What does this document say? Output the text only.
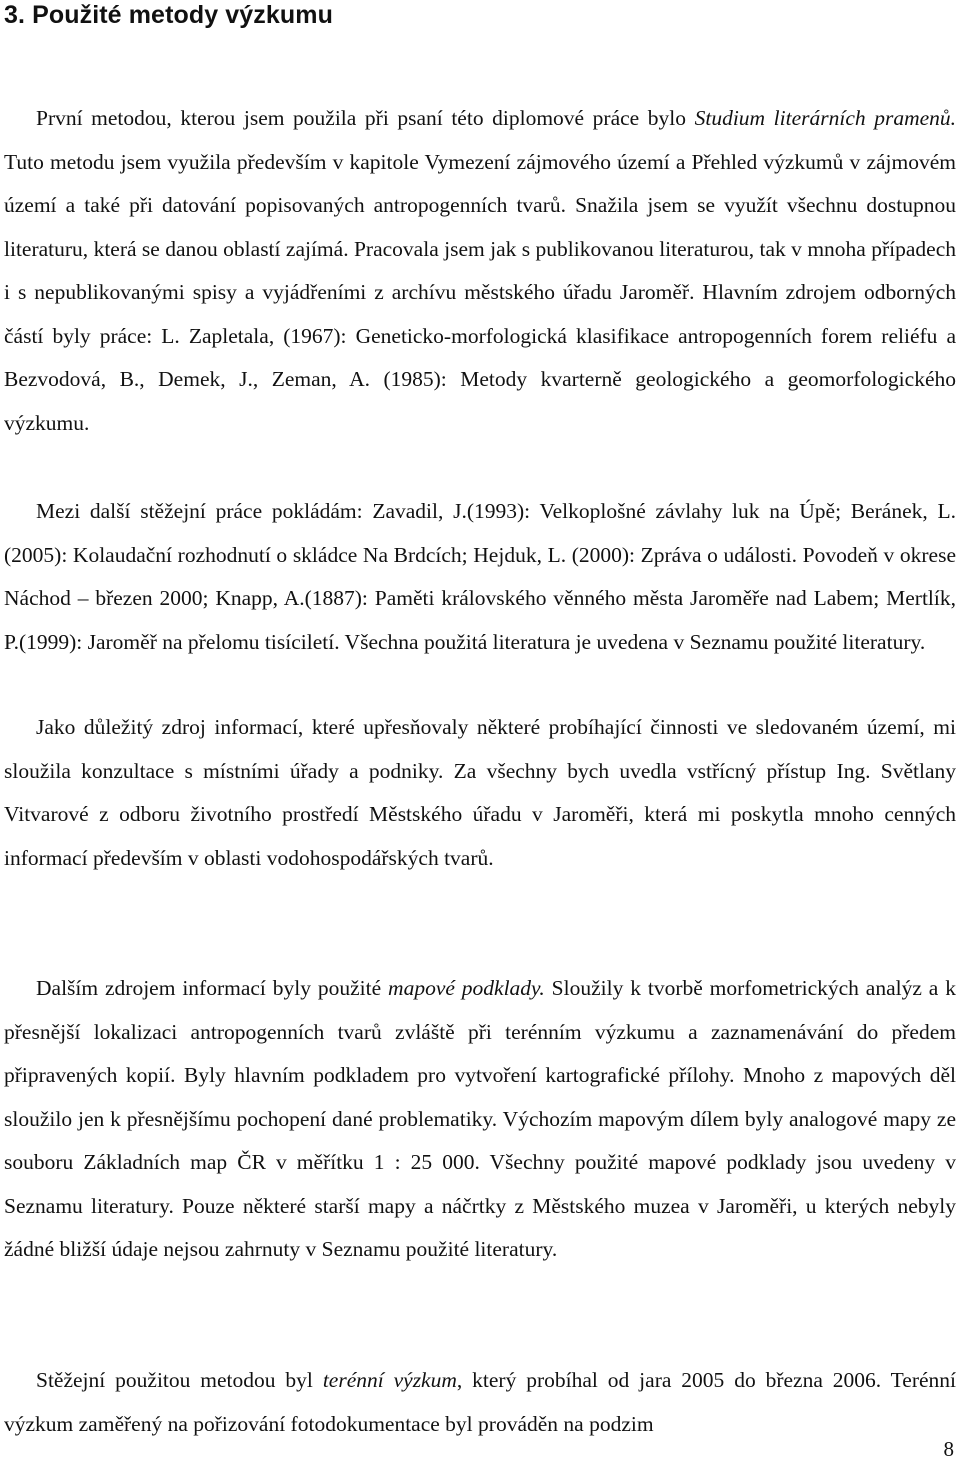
3. Použité metody výzkumu

První metodou, kterou jsem použila při psaní této diplomové práce bylo Studium literárních pramenů. Tuto metodu jsem využila především v kapitole Vymezení zájmového území a Přehled výzkumů v zájmovém území a také při datování popisovaných antropogenních tvarů. Snažila jsem se využít všechnu dostupnou literaturu, která se danou oblastí zajímá. Pracovala jsem jak s publikovanou literaturou, tak v mnoha případech i s nepublikovanými spisy a vyjádřeními z archívu městského úřadu Jaroměř. Hlavním zdrojem odborných částí byly práce: L. Zapletala, (1967): Geneticko-morfologická klasifikace antropogenních forem reliéfu a Bezvodová, B., Demek, J., Zeman, A. (1985): Metody kvarterně geologického a geomorfologického výzkumu.

Mezi další stěžejní práce pokládám: Zavadil, J.(1993): Velkoplošné závlahy luk na Úpě; Beránek, L. (2005): Kolaudační rozhodnutí o skládce Na Brdcích; Hejduk, L. (2000): Zpráva o události. Povodeň v okrese Náchod – březen 2000; Knapp, A.(1887): Paměti královského věnného města Jaroměře nad Labem; Mertlík, P.(1999): Jaroměř na přelomu tisíciletí. Všechna použitá literatura je uvedena v Seznamu použité literatury.

Jako důležitý zdroj informací, které upřesňovaly některé probíhající činnosti ve sledovaném území, mi sloužila konzultace s místními úřady a podniky. Za všechny bych uvedla vstřícný přístup Ing. Světlany Vitvarové z odboru životního prostředí Městského úřadu v Jaroměři, která mi poskytla mnoho cenných informací především v oblasti vodohospodářských tvarů.

Dalším zdrojem informací byly použité mapové podklady. Sloužily k tvorbě morfometrických analýz a k přesnější lokalizaci antropogenních tvarů zvláště při terénním výzkumu a zaznamenávání do předem připravených kopií. Byly hlavním podkladem pro vytvoření kartografické přílohy. Mnoho z mapových děl sloužilo jen k přesnějšímu pochopení dané problematiky. Výchozím mapovým dílem byly analogové mapy ze souboru Základních map ČR v měřítku 1 : 25 000. Všechny použité mapové podklady jsou uvedeny v Seznamu literatury. Pouze některé starší mapy a náčrtky z Městského muzea v Jaroměři, u kterých nebyly žádné bližší údaje nejsou zahrnuty v Seznamu použité literatury.

Stěžejní použitou metodou byl terénní výzkum, který probíhal od jara 2005 do března 2006. Terénní výzkum zaměřený na pořizování fotodokumentace byl prováděn na podzim

8
